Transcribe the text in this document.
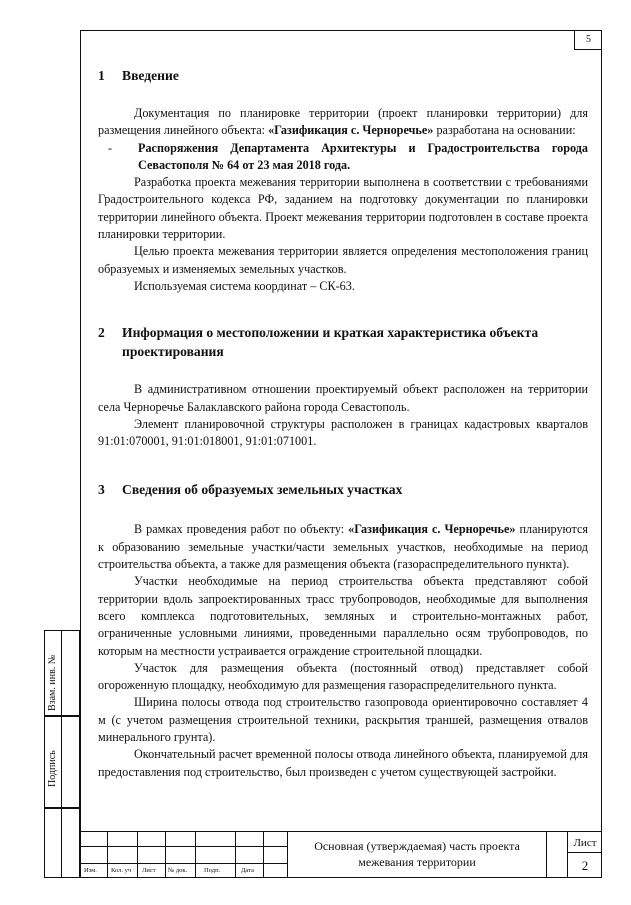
5
1 Введение

Документация по планировке территории (проект планировки территории) для размещения линейного объекта: «Газификация с. Черноречье» разработана на основании:

-	Распоряжения Департамента Архитектуры и Градостроительства города Севастополя № 64 от 23 мая 2018 года.

Разработка проекта межевания территории выполнена в соответствии с требованиями Градостроительного кодекса РФ, заданием на подготовку документации по планировки территории линейного объекта. Проект межевания территории подготовлен в составе проекта планировки территории.

Целью проекта межевания территории является определения местоположения границ образуемых и изменяемых земельных участков.

Используемая система координат – СК-63.

2	Информация о местоположении и краткая характеристика объекта проектирования

В административном отношении проектируемый объект расположен на территории села Черноречье Балаклавского района города Севастополь.

Элемент планировочной структуры расположен в границах кадастровых кварталов 91:01:070001, 91:01:018001, 91:01:071001.

3 Сведения об образуемых земельных участках

В рамках проведения работ по объекту: «Газификация с. Черноречье» планируются к образованию земельные участки/части земельных участков, необходимые на период строительства объекта, а также для размещения объекта (газораспределительного пункта).

Участки необходимые на период строительства объекта представляют собой территории вдоль запроектированных трасс трубопроводов, необходимые для выполнения всего комплекса подготовительных, земляных и строительно-монтажных работ, ограниченные условными линиями, проведенными параллельно осям трубопроводов, по которым на местности устраивается ограждение строительной площадки.

Участок для размещения объекта (постоянный отвод) представляет собой огороженную площадку, необходимую для размещения газораспределительного пункта.

Ширина полосы отвода под строительство газопровода ориентировочно составляет 4 м (с учетом размещения строительной техники, раскрытия траншей, размещения отвалов минерального грунта).

Окончательный расчет временной полосы отвода линейного объекта, планируемой для предоставления под строительство, был произведен с учетом существующей застройки.

Взам. инв. №
Подпись
Изм. Кол. уч Лист № док.	Подп.	Дата
Основная (утверждаемая) часть проекта межевания территории
Лист
2
